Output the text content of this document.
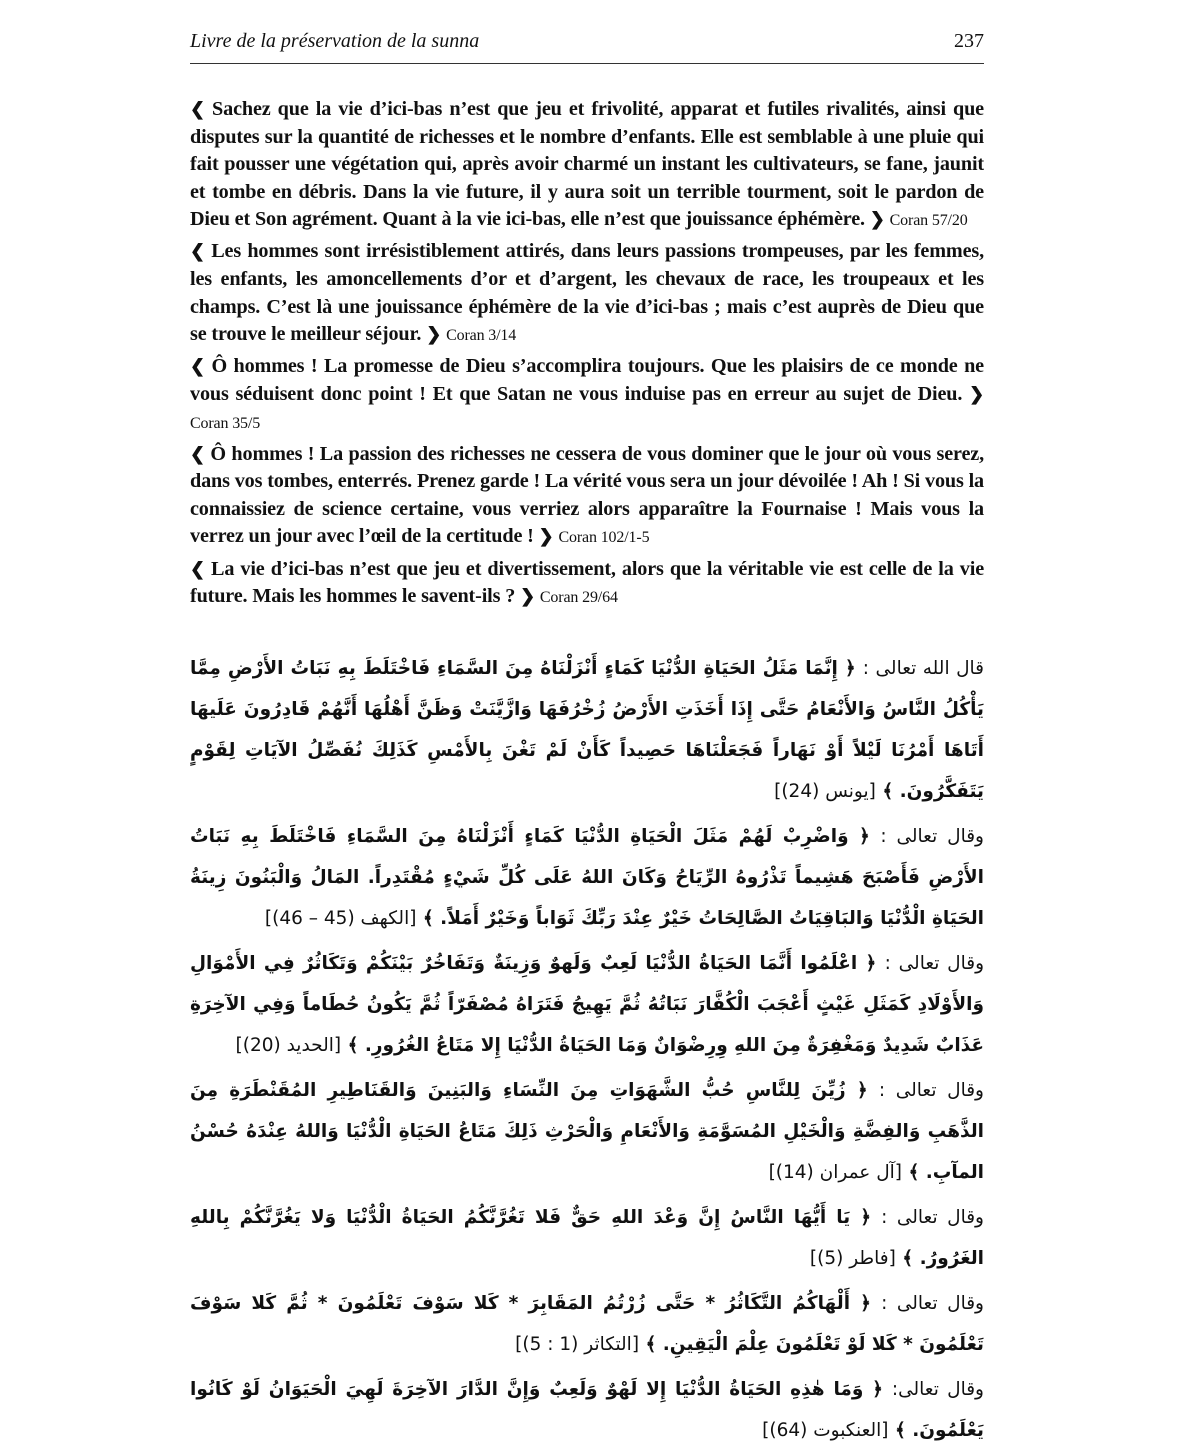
Livre de la préservation de la sunna	237

❮ Sachez que la vie d’ici-bas n’est que jeu et frivolité, apparat et futiles rivalités, ainsi que disputes sur la quantité de richesses et le nombre d’enfants. Elle est semblable à une pluie qui fait pousser une végétation qui, après avoir charmé un instant les cultivateurs, se fane, jaunit et tombe en débris. Dans la vie future, il y aura soit un terrible tourment, soit le pardon de Dieu et Son agrément. Quant à la vie ici-bas, elle n’est que jouissance éphémère. ❯ Coran 57/20

❮ Les hommes sont irrésistiblement attirés, dans leurs passions trompeuses, par les femmes, les enfants, les amoncellements d’or et d’argent, les chevaux de race, les troupeaux et les champs. C’est là une jouissance éphémère de la vie d’ici-bas ; mais c’est auprès de Dieu que se trouve le meilleur séjour. ❯ Coran 3/14

❮ Ô hommes ! La promesse de Dieu s’accomplira toujours. Que les plaisirs de ce monde ne vous séduisent donc point ! Et que Satan ne vous induise pas en erreur au sujet de Dieu. ❯ Coran 35/5

❮ Ô hommes ! La passion des richesses ne cessera de vous dominer que le jour où vous serez, dans vos tombes, enterrés. Prenez garde ! La vérité vous sera un jour dévoilée ! Ah ! Si vous la connaissiez de science certaine, vous verriez alors apparaître la Fournaise ! Mais vous la verrez un jour avec l’œil de la certitude ! ❯ Coran 102/1-5

❮ La vie d’ici-bas n’est que jeu et divertissement, alors que la véritable vie est celle de la vie future. Mais les hommes le savent-ils ? ❯ Coran 29/64

قال الله تعالى : ﴿ إِنَّمَا مَثَلُ الحَيَاةِ الدُّنْيَا كَمَاءٍ أَنْزَلْنَاهُ مِنَ السَّمَاءِ فَاخْتَلَطَ بِهِ نَبَاتُ الأَرْضِ مِمَّا يَأْكُلُ النَّاسُ وَالأَنْعَامُ حَتَّى إِذَا أَخَذَتِ الأَرْضُ زُخْرُفَهَا وَازَّيَّنَتْ وَظَنَّ أَهْلُهَا أَنَّهُمْ قَادِرُونَ عَلَيهَا أَتَاهَا أَمْرُنَا لَيْلاً أَوْ نَهَاراً فَجَعَلْنَاهَا حَصِيداً كَأَنْ لَمْ تَغْنَ بِالأَمْسِ كَذَلِكَ نُفَصِّلُ الآيَاتِ لِقَوْمٍ يَتَفَكَّرُونَ. ﴾ [يونس (24)]

وقال تعالى : ﴿ وَاضْرِبْ لَهُمْ مَثَلَ الْحَيَاةِ الدُّنْيَا كَمَاءٍ أَنْزَلْنَاهُ مِنَ السَّمَاءِ فَاخْتَلَطَ بِهِ نَبَاتُ الأَرْضِ فَأَصْبَحَ هَشِيماً تَذْرُوهُ الرِّيَاحُ وَكَانَ اللهُ عَلَى كُلِّ شَيْءٍ مُقْتَدِراً. المَالُ وَالْبَنُونَ زِينَةُ الحَيَاةِ الْدُّنْيَا وَالبَاقِيَاتُ الصَّالِحَاتُ خَيْرٌ عِنْدَ رَبِّكَ ثَوَاباً وَخَيْرٌ أَمَلاً. ﴾ [الكهف (45 – 46)]

وقال تعالى : ﴿ اعْلَمُوا أَنَّمَا الحَيَاةُ الدُّنْيَا لَعِبٌ وَلَهوٌ وَزِينَةٌ وَتَفَاخُرٌ بَيْنَكُمْ وَتَكَاثُرٌ فِي الأَمْوَالِ وَالأَوْلَادِ كَمَثَلِ غَيْثٍ أَعْجَبَ الْكُفَّارَ نَبَاتُهُ ثُمَّ يَهِيجُ فَتَرَاهُ مُصْفَرّاً ثُمَّ يَكُونُ حُطَاماً وَفِي الآخِرَةِ عَذَابٌ شَدِيدٌ وَمَغْفِرَةٌ مِنَ اللهِ وِرِضْوَانٌ وَمَا الحَيَاةُ الدُّنْيَا إِلا مَتَاعُ الغُرُورِ. ﴾ [الحديد (20)]

وقال تعالى : ﴿ زُيِّنَ لِلنَّاسِ حُبُّ الشَّهَوَاتِ مِنَ النِّسَاءِ وَالبَنِينَ وَالقَنَاطِيرِ المُقَنْطَرَةِ مِنَ الذَّهَبِ وَالفِضَّةِ وَالْخَيْلِ المُسَوَّمَةِ وَالأَنْعَامِ وَالْحَرْثِ ذَلِكَ مَتَاعُ الحَيَاةِ الْدُّنْيَا وَاللهُ عِنْدَهُ حُسْنُ المآبِ. ﴾ [آل عمران (14)]

وقال تعالى : ﴿ يَا أَيُّهَا النَّاسُ إِنَّ وَعْدَ اللهِ حَقٌّ فَلا تَغُرَّنَّكُمُ الحَيَاةُ الْدُّنْيَا وَلا يَغُرَّنَّكُمْ بِاللهِ الغَرُورُ. ﴾ [فاطر (5)]

وقال تعالى : ﴿ أَلْهَاكُمُ التَّكَاثُرُ * حَتَّى زُرْتُمُ المَقَابِرَ * كَلا سَوْفَ تَعْلَمُونَ * ثُمَّ كَلا سَوْفَ تَعْلَمُونَ * كَلا لَوْ تَعْلَمُونَ عِلْمَ الْيَقِينِ. ﴾ [التكاثر (1 : 5)]

وقال تعالى: ﴿ وَمَا هٰذِهِ الحَيَاةُ الدُّنْيَا إِلا لَهْوٌ وَلَعِبٌ وَإِنَّ الدَّارَ الآخِرَةَ لَهِيَ الْحَيَوَانُ لَوْ كَانُوا يَعْلَمُونَ. ﴾ [العنكبوت (64)]
